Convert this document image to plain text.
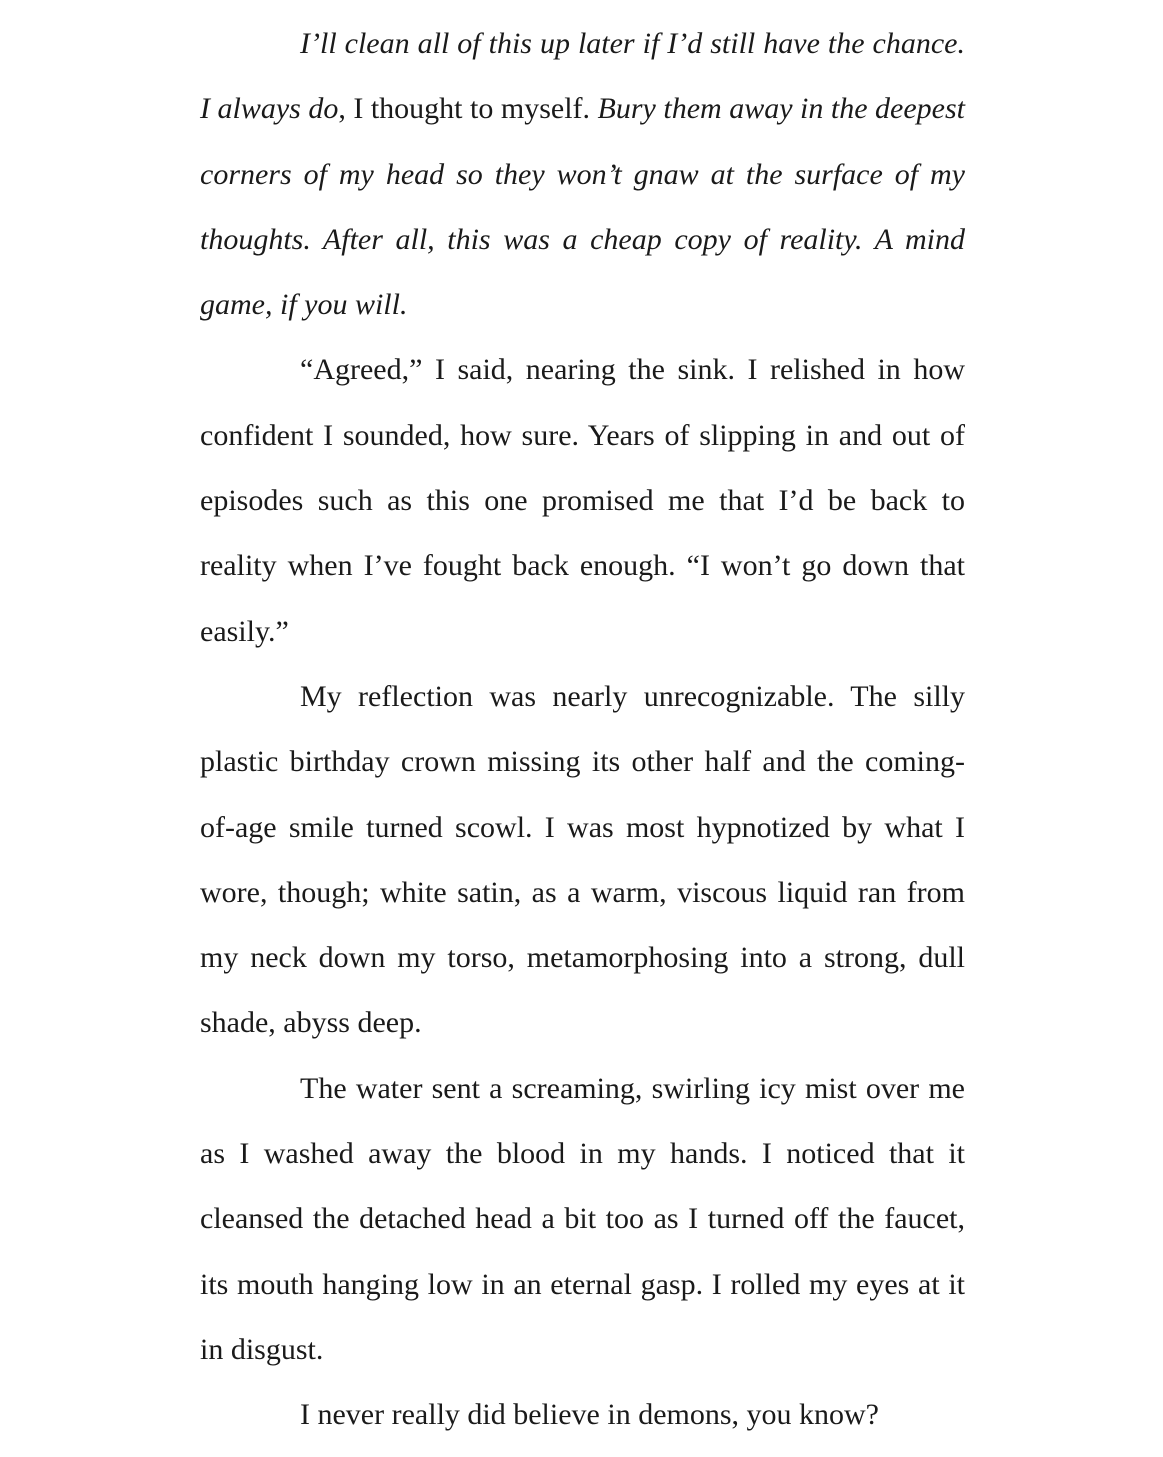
I’ll clean all of this up later if I’d still have the chance. I always do, I thought to myself. Bury them away in the deepest corners of my head so they won’t gnaw at the surface of my thoughts. After all, this was a cheap copy of reality. A mind game, if you will.

“Agreed,” I said, nearing the sink. I relished in how confident I sounded, how sure. Years of slipping in and out of episodes such as this one promised me that I’d be back to reality when I’ve fought back enough. “I won’t go down that easily.”

My reflection was nearly unrecognizable. The silly plastic birthday crown missing its other half and the coming-of-age smile turned scowl. I was most hypnotized by what I wore, though; white satin, as a warm, viscous liquid ran from my neck down my torso, metamorphosing into a strong, dull shade, abyss deep.

The water sent a screaming, swirling icy mist over me as I washed away the blood in my hands. I noticed that it cleansed the detached head a bit too as I turned off the faucet, its mouth hanging low in an eternal gasp. I rolled my eyes at it in disgust.

I never really did believe in demons, you know?
